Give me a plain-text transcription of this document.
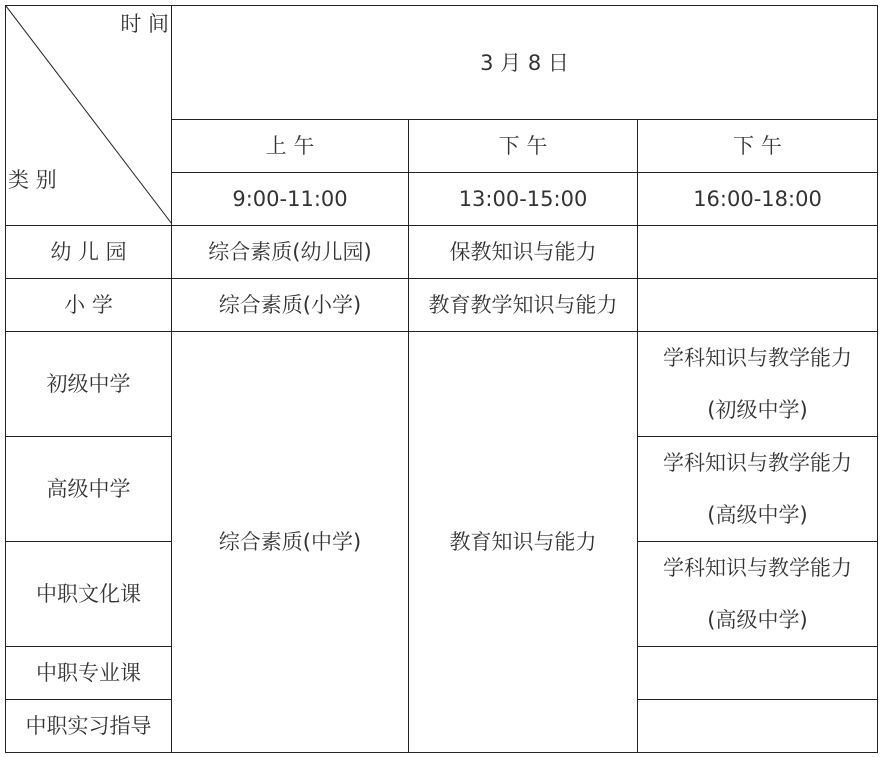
时 间
类 别	3 月 8 日		
	上 午	下 午	下 午
	9:00-11:00	13:00-15:00	16:00-18:00
幼 儿 园	综合素质(幼儿园)	保教知识与能力	
小 学	综合素质(小学)	教育教学知识与能力	
初级中学	综合素质(中学)	教育知识与能力	学科知识与教学能力
(初级中学)

高级中学			学科知识与教学能力
(高级中学)

中职文化课			学科知识与教学能力
(高级中学)

中职专业课			
中职实习指导			
